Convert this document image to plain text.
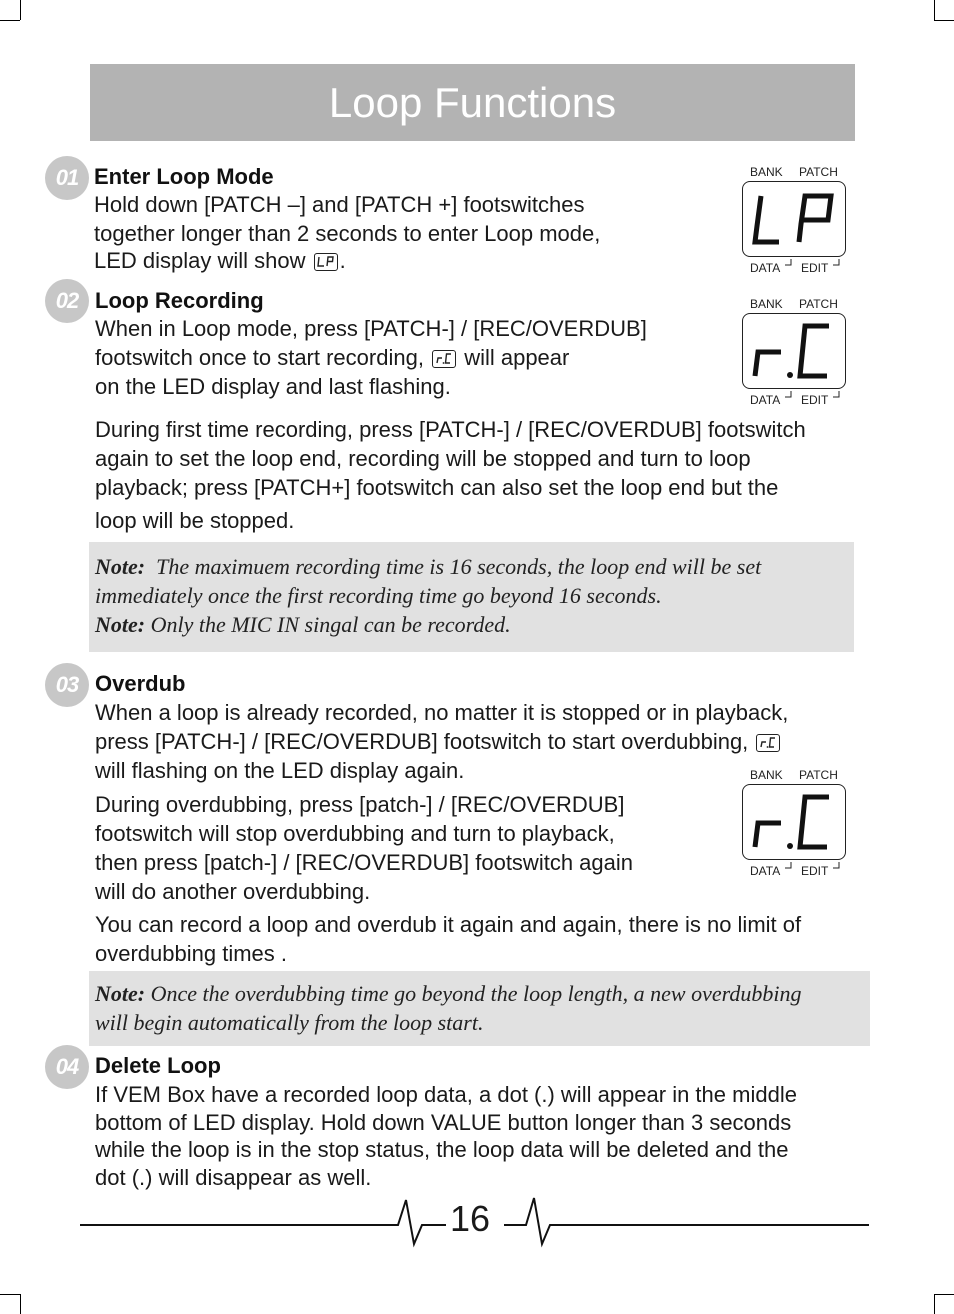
Loop Functions
01 Enter Loop Mode
Hold down [PATCH –] and [PATCH +] footswitches
together longer than 2 seconds to enter Loop mode,
LED display will show .
BANK PATCH
DATA EDIT
02 Loop Recording
When in Loop mode, press [PATCH-] / [REC/OVERDUB]
footswitch once to start recording, will appear
on the LED display and last flashing.
BANK PATCH
DATA EDIT
During first time recording, press [PATCH-] / [REC/OVERDUB] footswitch
again to set the loop end, recording will be stopped and turn to loop
playback; press [PATCH+] footswitch can also set the loop end but the
loop will be stopped.
Note: The maximuem recording time is 16 seconds, the loop end will be set
immediately once the first recording time go beyond 16 seconds.
Note: Only the MIC IN singal can be recorded.
03 Overdub
When a loop is already recorded, no matter it is stopped or in playback,
press [PATCH-] / [REC/OVERDUB] footswitch to start overdubbing,
will flashing on the LED display again.
During overdubbing, press [patch-] / [REC/OVERDUB]
footswitch will stop overdubbing and turn to playback,
then press [patch-] / [REC/OVERDUB] footswitch again
will do another overdubbing.
BANK PATCH
DATA EDIT
You can record a loop and overdub it again and again, there is no limit of
overdubbing times .
Note: Once the overdubbing time go beyond the loop length, a new overdubbing
will begin automatically from the loop start.
04 Delete Loop
If VEM Box have a recorded loop data, a dot (.) will appear in the middle
bottom of LED display. Hold down VALUE button longer than 3 seconds
while the loop is in the stop status, the loop data will be deleted and the
dot (.) will disappear as well.
16
